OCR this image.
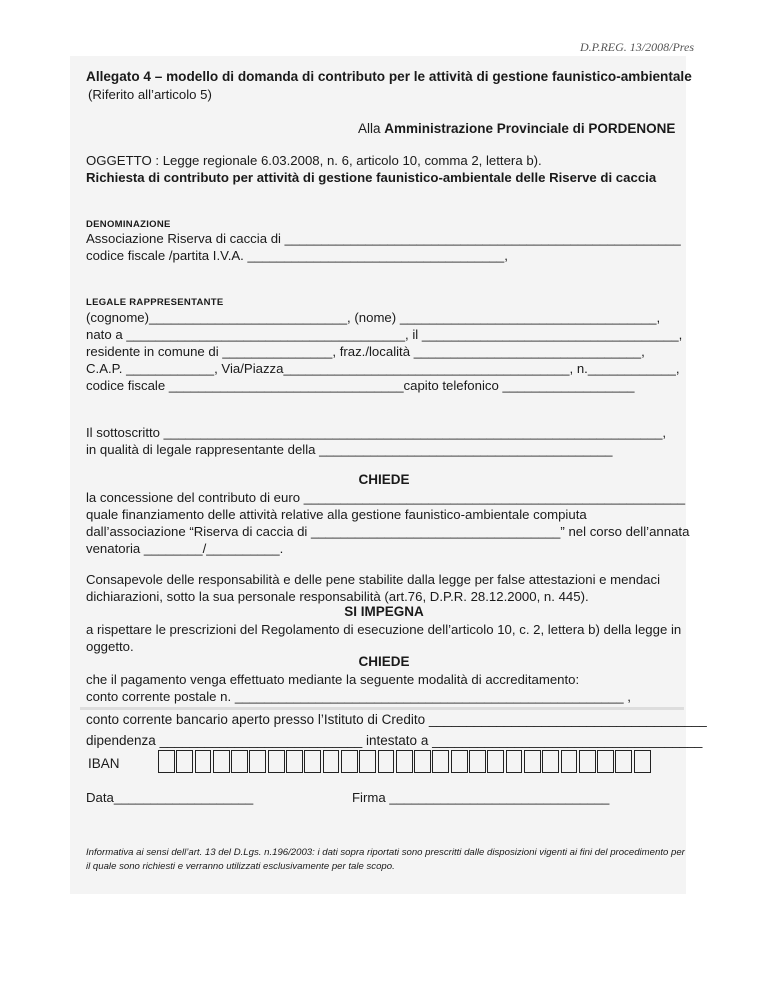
D.P.REG. 13/2008/Pres
Allegato 4 – modello di domanda di contributo per le attività di gestione faunistico-ambientale
(Riferito all’articolo 5)
Alla Amministrazione Provinciale di PORDENONE
OGGETTO : Legge regionale 6.03.2008, n. 6, articolo 10, comma 2, lettera b).
Richiesta di contributo per attività di gestione faunistico-ambientale delle Riserve di caccia
DENOMINAZIONE
Associazione Riserva di caccia di ______________________________________________________
codice fiscale /partita I.V.A. ___________________________________,
LEGALE RAPPRESENTANTE
(cognome)___________________________, (nome) ___________________________________,
nato a ______________________________________, il ___________________________________,
residente in comune di _______________, fraz./località _______________________________,
C.A.P. ____________, Via/Piazza_______________________________________, n.____________,
codice fiscale ________________________________capito telefonico __________________
Il sottoscritto ____________________________________________________________________,
in qualità di legale rappresentante della ________________________________________
CHIEDE
la concessione del contributo di euro ____________________________________________________
quale finanziamento delle attività relative alla gestione faunistico-ambientale compiuta
dall’associazione “Riserva di caccia di __________________________________” nel corso dell’annata
venatoria ________/__________.
Consapevole delle responsabilità e delle pene stabilite dalla legge per false attestazioni e mendaci
dichiarazioni, sotto la sua personale responsabilità (art.76, D.P.R. 28.12.2000, n. 445).
SI IMPEGNA
a rispettare le prescrizioni del Regolamento di esecuzione dell’articolo 10, c. 2, lettera b) della legge in
oggetto.
CHIEDE
che il pagamento venga effettuato mediante la seguente modalità di accreditamento:
conto corrente postale n. _____________________________________________________ ,
conto corrente bancario aperto presso l’Istituto di Credito _____________________________________
dipendenza ___________________________ intestato a ____________________________________
IBAN
Data___________________	Firma ______________________________
Informativa ai sensi dell’art. 13 del D.Lgs. n.196/2003: i dati sopra riportati sono prescritti dalle disposizioni vigenti ai fini del procedimento per il quale sono richiesti e verranno utilizzati esclusivamente per tale scopo.
